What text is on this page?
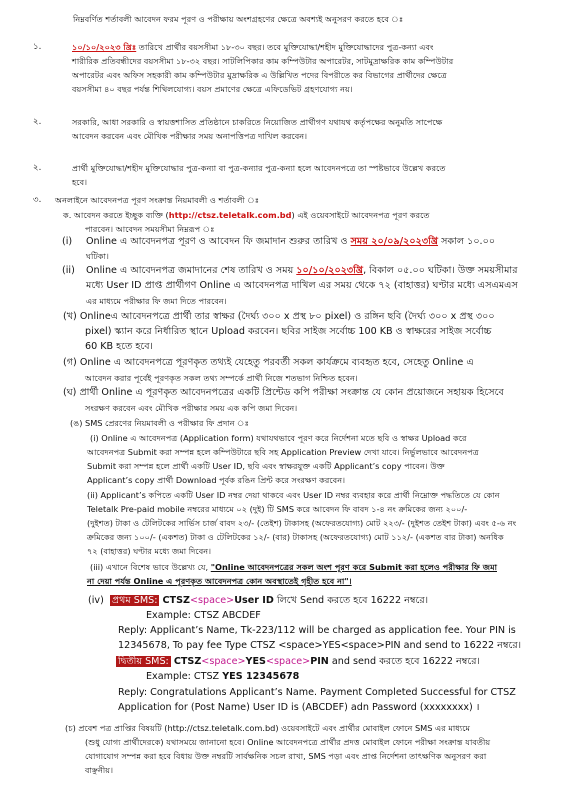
নিম্নবর্ণিত শর্তাবলী আবেদন ফরম পূরণ ও পরীক্ষায় অংশগ্রহণের ক্ষেত্রে অবশ্যই অনুসরণ করতে হবে ঃ
১.	১০/১০/২০২৩ খ্রিঃ তারিখে প্রার্থীর বয়সসীমা ১৮-৩০ বছর। তবে মুক্তিযোদ্ধা/শহীদ মুক্তিযোদ্ধাদের পুত্র-কন্যা এবং
শারীরিক প্রতিবন্ধীদের বয়সসীমা ১৮-৩২ বছর। সাটলিপিকার কাম কম্পিউটার অপারেটর, সাটমুদ্রাক্ষরিক কাম কম্পিউটার
অপারেটর এবং অফিস সহকারী কাম কম্পিউটার মুদ্রাক্ষরিক এ উল্লিখিত পদের বিপরীতে কর বিভাগের প্রার্থীদের ক্ষেত্রে
বয়সসীমা ৪০ বছর পর্যন্ত শিথিলযোগ্য। বয়স প্রমাণের ক্ষেত্রে এফিডেভিট গ্রহণযোগ্য নয়।
২.	সরকারি, আধা সরকারি ও স্বায়ত্তশাসিত প্রতিষ্ঠানে চাকরিতে নিয়োজিত প্রার্থীগণ যথাযথ কর্তৃপক্ষের অনুমতি সাপেক্ষে
আবেদন করবেন এবং মৌখিক পরীক্ষার সময় অনাপত্তিপত্র দাখিল করবেন।
২.	প্রার্থী মুক্তিযোদ্ধা/শহীদ মুক্তিযোদ্ধার পুত্র-কন্যা বা পুত্র-কন্যার পুত্র-কন্যা হলে আবেদনপত্রে তা স্পষ্টভাবে উল্লেখ করতে
হবে।
৩. অনলাইনে আবেদনপত্র পূরণ সংক্রান্ত নিয়মাবলী ও শর্তাবলী ঃ
ক. আবেদন করতে ইচ্ছুক ব্যক্তি (http://ctsz.teletalk.com.bd) এই ওয়েবসাইটে আবেদনপত্র পূরণ করতে
পারবেন। আবেদন সময়সীমা নিম্নরূপ ঃ
(i) Online এ আবেদনপত্র পূরণ ও আবেদন ফি জমাদান শুরুর তারিখ ও সময় ২০/০৯/২০২৩খ্রি সকাল ১০.০০
ঘটিকা।
(ii) Online এ আবেদনপত্র জমাদানের শেষ তারিখ ও সময় ১০/১০/২০২৩খ্রি, বিকাল ০৫.০০ ঘটিকা। উক্ত সময়সীমার
মধ্যে User ID প্রাপ্ত প্রার্থীগণ Online এ আবেদনপত্র দাখিল এর সময় থেকে ৭২ (বাহাত্তর) ঘণ্টার মধ্যে এসএমএস
এর মাধ্যমে পরীক্ষার ফি জমা দিতে পারবেন।
(খ) Onlineএ আবেদনপত্রে প্রার্থী তার স্বাক্ষর (দৈর্ঘ্য ৩০০ x প্রস্থ ৮০ pixel) ও রঙ্গিন ছবি (দৈর্ঘ্য ৩০০ x প্রস্থ ৩০০
pixel) স্ক্যান করে নির্ধারিত স্থানে Upload করবেন। ছবির সাইজ সর্বোচ্চ 100 KB ও স্বাক্ষরের সাইজ সর্বোচ্চ
60 KB হতে হবে।
(গ) Online এ আবেদনপত্রে পূরণকৃত তথ্যই যেহেতু পরবর্তী সকল কার্যক্রমে ব্যবহৃত হবে, সেহেতু Online এ
আবেদন করার পূর্বেই পূরণকৃত সকল তথ্য সম্পর্কে প্রার্থী নিজে শতভাগ নিশ্চিত হবেন।
(ঘ) প্রার্থী Online এ পূরণকৃত আবেদনপত্রের একটি প্রিন্টেড কপি পরীক্ষা সংক্রান্ত যে কোন প্রয়োজনে সহায়ক হিসেবে
সংরক্ষণ করবেন এবং মৌখিক পরীক্ষার সময় এক কপি জমা দিবেন।
(ঙ) SMS প্রেরণের নিয়মাবলী ও পরীক্ষার ফি প্রদান ঃ
(i) Online এ আবেদনপত্র (Application form) যথাযথভাবে পূরণ করে নির্দেশনা মতে ছবি ও স্বাক্ষর Upload করে
আবেদনপত্র Submit করা সম্পন্ন হলে কম্পিউটারে ছবি সহ Application Preview দেখা যাবে। নির্ভুলভাবে আবেদনপত্র
Submit করা সম্পন্ন হলে প্রার্থী একটি User ID, ছবি এবং স্বাক্ষরযুক্ত একটি Applicant’s copy পাবেন। উক্ত
Applicant’s copy প্রার্থী Download পূর্বক রঙিন প্রিন্ট করে সংরক্ষণ করবেন।
(ii) Applicant’s কপিতে একটি User ID নম্বর দেয়া থাকবে এবং User ID নম্বর ব্যবহার করে প্রার্থী নিম্নোক্ত পদ্ধতিতে যে কোন
Teletalk Pre-paid mobile নম্বরের মাধ্যমে ০২ (দুই) টি SMS করে আবেদন ফি বাবদ ১-৪ নং ক্রমিকের জন্য ২০০/-
(দুইশত) টাকা ও টেলিটকের সার্ভিস চার্জ বাবদ ২৩/- (তেইশ) টাকাসহ (অফেরতযোগ্য) মোট ২২৩/- (দুইশত তেইশ টাকা) এবং ৫-৬ নং
ক্রমিকের জন্য ১০০/- (একশত) টাকা ও টেলিটকের ১২/- (বার) টাকাসহ (অফেরতযোগ্য) মোট ১১২/- (একশত বার টাকা) অনধিক
৭২ (বাহাত্তর) ঘণ্টার মধ্যে জমা দিবেন।
(iii) এখানে বিশেষ ভাবে উল্লেখ্য যে, "Online আবেদনপত্রের সকল অংশ পূরণ করে Submit করা হলেও পরীক্ষার ফি জমা
না দেয়া পর্যন্ত Online এ পূরণকৃত আবেদনপত্র কোন অবস্থাতেই গৃহীত হবে না"।
(iv) প্রথম SMS: CTSZ<space>User ID লিখে Send করতে হবে 16222 নম্বরে।
Example: CTSZ ABCDEF
Reply: Applicant’s Name, Tk-223/112 will be charged as application fee. Your PIN is
12345678, To pay fee Type CTSZ <space>YES<space>PIN and send to 16222 নম্বরে।
দ্বিতীয় SMS: CTSZ<space>YES<space>PIN and send করতে হবে 16222 নম্বরে।
Example: CTSZ YES 12345678
Reply: Congratulations Applicant’s Name. Payment Completed Successful for CTSZ
Application for (Post Name) User ID is (ABCDEF) adn Password (xxxxxxxx) ।
(চ) প্রবেশ পত্র প্রাপ্তির বিষয়টি (http://ctsz.teletalk.com.bd) ওয়েবসাইটে এবং প্রার্থীর মোবাইল ফোনে SMS এর মাধ্যমে
(শুধু যোগ্য প্রার্থীদেরকে) যথাসময়ে জানানো হবে। Online আবেদনপত্রে প্রার্থীর প্রদত্ত মোবাইল ফোনে পরীক্ষা সংক্রান্ত যাবতীয়
যোগাযোগ সম্পন্ন করা হবে বিধায় উক্ত নম্বরটি সার্বক্ষনিক সচল রাখা, SMS পড়া এবং প্রাপ্ত নির্দেশনা তাৎক্ষণিক অনুসরণ করা
বাঞ্ছনীয়।
